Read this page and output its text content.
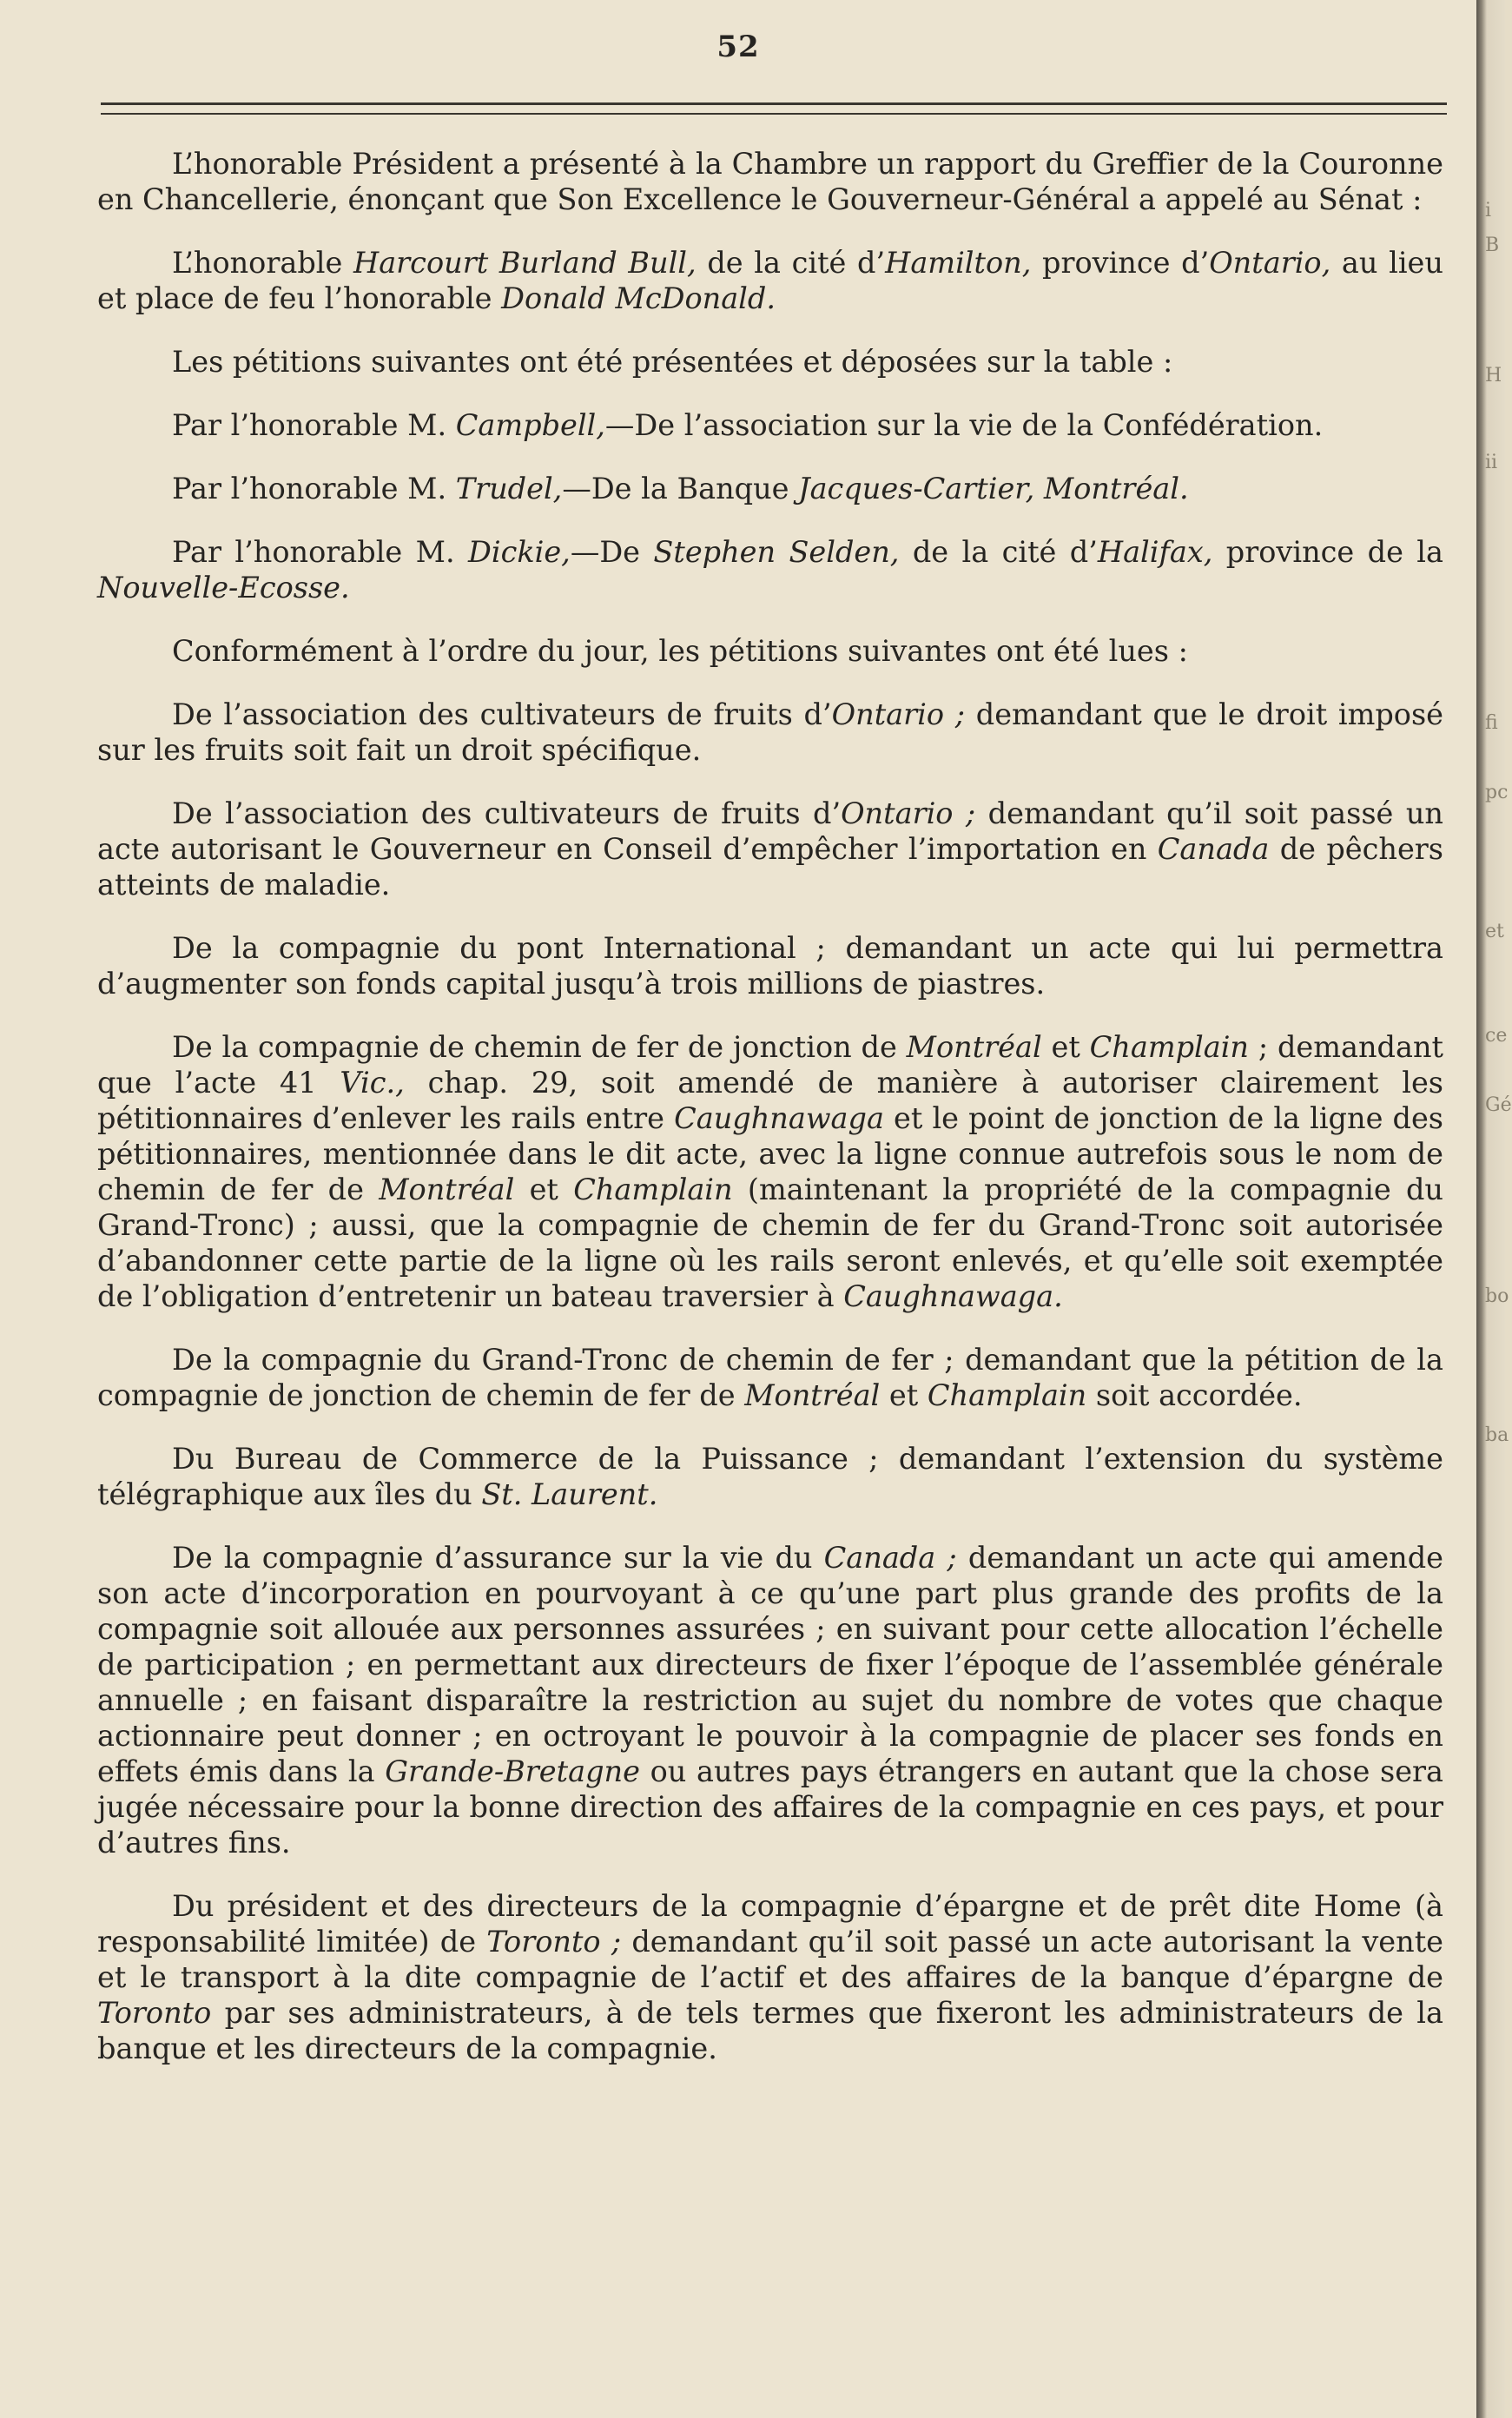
52

L’honorable Président a présenté à la Chambre un rapport du Greffier de la Couronne en Chancellerie, énonçant que Son Excellence le Gouverneur-Général a appelé au Sénat :

L’honorable Harcourt Burland Bull, de la cité d’Hamilton, province d’Ontario, au lieu et place de feu l’honorable Donald McDonald.

Les pétitions suivantes ont été présentées et déposées sur la table :

Par l’honorable M. Campbell,—De l’association sur la vie de la Confédération.

Par l’honorable M. Trudel,—De la Banque Jacques-Cartier, Montréal.

Par l’honorable M. Dickie,—De Stephen Selden, de la cité d’Halifax, province de la Nouvelle-Ecosse.

Conformément à l’ordre du jour, les pétitions suivantes ont été lues :

De l’association des cultivateurs de fruits d’Ontario ; demandant que le droit imposé sur les fruits soit fait un droit spécifique.

De l’association des cultivateurs de fruits d’Ontario ; demandant qu’il soit passé un acte autorisant le Gouverneur en Conseil d’empêcher l’importation en Canada de pêchers atteints de maladie.

De la compagnie du pont International ; demandant un acte qui lui permettra d’augmenter son fonds capital jusqu’à trois millions de piastres.

De la compagnie de chemin de fer de jonction de Montréal et Champlain ; demandant que l’acte 41 Vic., chap. 29, soit amendé de manière à autoriser clairement les pétitionnaires d’enlever les rails entre Caughnawaga et le point de jonction de la ligne des pétitionnaires, mentionnée dans le dit acte, avec la ligne connue autrefois sous le nom de chemin de fer de Montréal et Champlain (maintenant la propriété de la compagnie du Grand-Tronc) ; aussi, que la compagnie de chemin de fer du Grand-Tronc soit autorisée d’abandonner cette partie de la ligne où les rails seront enlevés, et qu’elle soit exemptée de l’obligation d’entretenir un bateau traversier à Caughnawaga.

De la compagnie du Grand-Tronc de chemin de fer ; demandant que la pétition de la compagnie de jonction de chemin de fer de Montréal et Champlain soit accordée.

Du Bureau de Commerce de la Puissance ; demandant l’extension du système télégraphique aux îles du St. Laurent.

De la compagnie d’assurance sur la vie du Canada ; demandant un acte qui amende son acte d’incorporation en pourvoyant à ce qu’une part plus grande des profits de la compagnie soit allouée aux personnes assurées ; en suivant pour cette allocation l’échelle de participation ; en permettant aux directeurs de fixer l’époque de l’assemblée générale annuelle ; en faisant disparaître la restriction au sujet du nombre de votes que chaque actionnaire peut donner ; en octroyant le pouvoir à la compagnie de placer ses fonds en effets émis dans la Grande-Bretagne ou autres pays étrangers en autant que la chose sera jugée nécessaire pour la bonne direction des affaires de la compagnie en ces pays, et pour d’autres fins.

Du président et des directeurs de la compagnie d’épargne et de prêt dite Home (à responsabilité limitée) de Toronto ; demandant qu’il soit passé un acte autorisant la vente et le transport à la dite compagnie de l’actif et des affaires de la banque d’épargne de Toronto par ses administrateurs, à de tels termes que fixeront les administrateurs de la banque et les directeurs de la compagnie.

i
B
H
ii
fi
pc
et
ce
Gé
bo
ba
